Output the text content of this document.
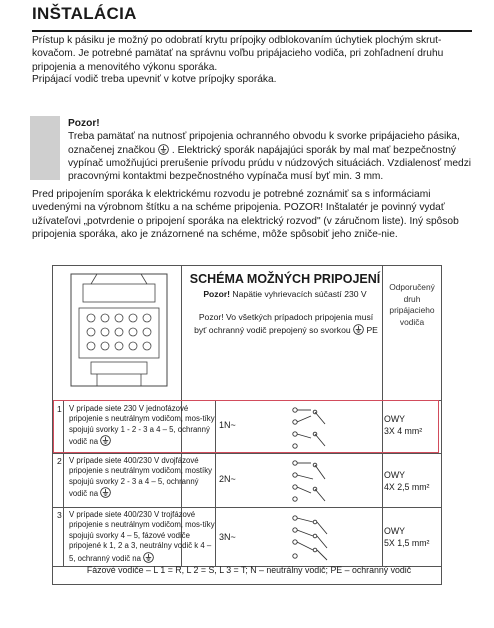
INŠTALÁCIA
Prístup k pásiku je možný po odobratí krytu prípojky odblokovaním úchytiek plochým skrut-kovačom. Je potrebné pamätať na správnu voľbu pripájacieho vodiča, pri zohľadnení druhu pripojenia a menovitého výkonu sporáka.
Pripájací vodič treba upevniť v kotve prípojky sporáka.
Pozor!
Treba pamätať na nutnosť pripojenia ochranného obvodu k svorke pripájacieho pásika, označenej značkou . Elektrický sporák napájajúci sporák by mal mať bezpečnostný vypínač umožňujúci prerušenie prívodu prúdu v núdzových situáciách. Vzdialenosť medzi pracovnými kontaktmi bezpečnostného vypínača musí byť min. 3 mm.
Pred pripojením sporáka k elektrickému rozvodu je potrebné zoznámiť sa s informáciami uvedenými na výrobnom štítku a na schéme pripojenia. POZOR! Inštalatér je povinný vydať užívateľovi „potvrdenie o pripojení sporáka na elektrický rozvod" (v záručnom liste). Iný spôsob pripojenia sporáka, ako je znázornené na schéme, môže spôsobiť jeho zniče-nie.
SCHÉMA MOŽNÝCH PRIPOJENÍ
Pozor! Napätie vyhrievacích súčastí 230 V
Pozor! Vo všetkých prípadoch pripojenia musí byť ochranný vodič prepojený so svorkou PE
Odporučený druh pripájacieho vodiča
1 V prípade siete 230 V jednofázové pripojenie s neutrálnym vodičom, mos-tíky spojujú svorky 1 - 2 - 3 a 4 – 5, ochranný vodič na
1N~
OWY
3X 4 mm²
2 V prípade siete 400/230 V dvojfázové pripojenie s neutrálnym vodičom, mostíky spojujú svorky 2 - 3 a 4 – 5, ochranný vodič na
2N~	OWY
4X 2,5 mm²
3 V prípade siete 400/230 V trojfázové pripojenie s neutrálnym vodičom, mos-tíky spojujú svorky 4 – 5, fázové vodiče pripojené k 1, 2 a 3, neutrálny vodič k 4 – 5, ochranný vodič na
3N~
OWY
5X 1,5 mm²
Fázové vodiče – L 1 = R, L 2 = S, L 3 = T; N – neutrálny vodič; PE – ochranný vodič
